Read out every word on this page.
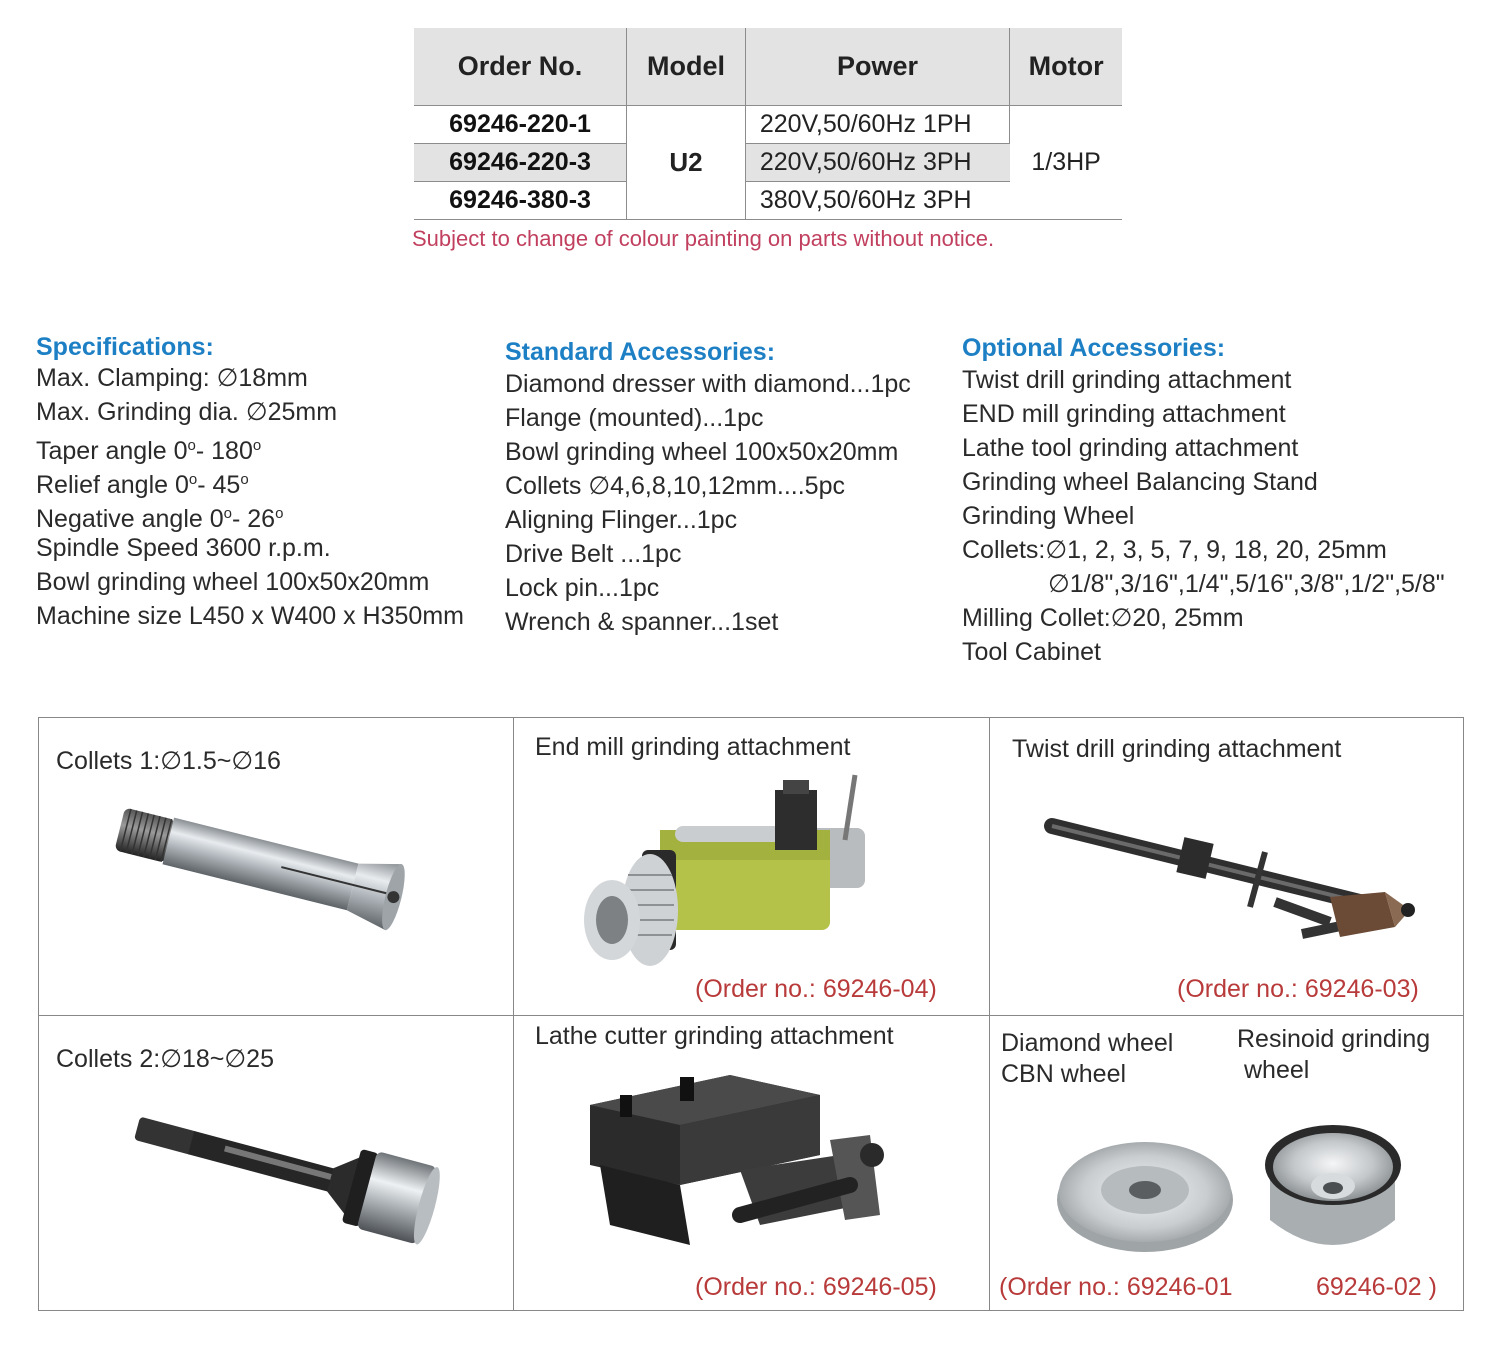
Order No.	Model	Power	Motor
69246-220-1	U2	220V,50/60Hz 1PH	1/3HP
69246-220-3		220V,50/60Hz 3PH	
69246-380-3		380V,50/60Hz 3PH	
Subject to change of colour painting on parts without notice.
Specifications:
Max. Clamping: ∅18mm
Max. Grinding dia. ∅25mm
Taper angle 0$^o$- 180$^o$
Relief angle 0$^o$- 45$^o$
Negative angle 0$^o$- 26$^o$
Spindle Speed 3600 r.p.m.
Bowl grinding wheel 100x50x20mm
Machine size L450 x W400 x H350mm
Standard Accessories:
Diamond dresser with diamond...1pc
Flange (mounted)...1pc
Bowl grinding wheel 100x50x20mm
Collets ∅4,6,8,10,12mm....5pc
Aligning Flinger...1pc
Drive Belt ...1pc
Lock pin...1pc
Wrench & spanner...1set
Optional Accessories:
Twist drill grinding attachment
END mill grinding attachment
Lathe tool grinding attachment
Grinding wheel Balancing Stand
Grinding Wheel
Collets:∅1, 2, 3, 5, 7, 9, 18, 20, 25mm
∅1/8",3/16",1/4",5/16",3/8",1/2",5/8"
Milling Collet:∅20, 25mm
Tool Cabinet
Collets 1:∅1.5~∅16	End mill grinding attachment
(Order no.: 69246-04)
Twist drill grinding attachment
(Order no.: 69246-03)
Collets 2:∅18~∅25
Lathe cutter grinding attachment
(Order no.: 69246-05)
Diamond wheel
CBN wheel
Resinoid grinding
wheel
(Order no.: 69246-01	69246-02 )
